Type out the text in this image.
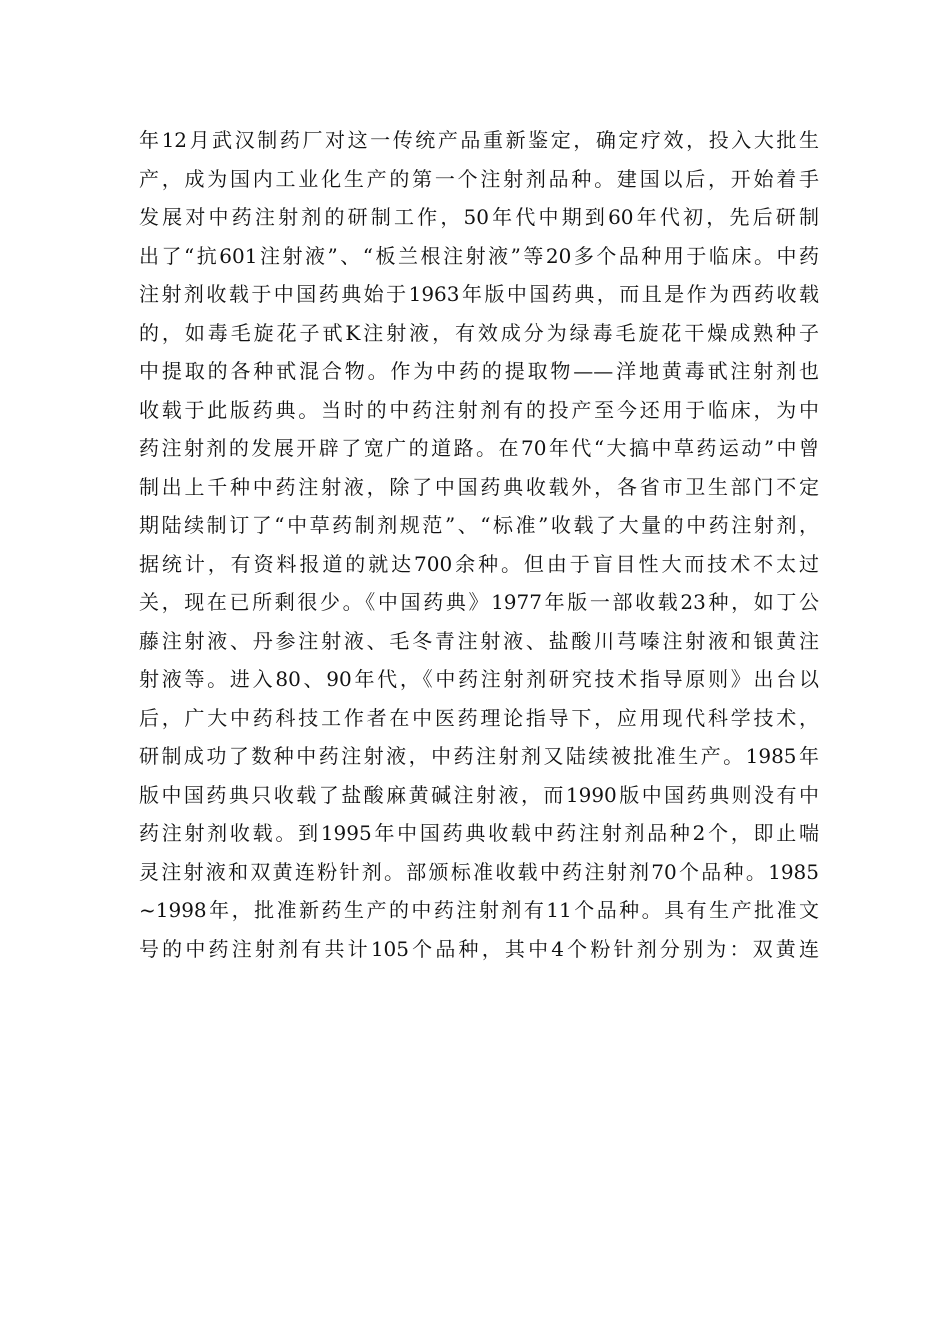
年12月武汉制药厂对这一传统产品重新鉴定，确定疗效，投入大批生
产，成为国内工业化生产的第一个注射剂品种。建国以后，开始着手
发展对中药注射剂的研制工作，50年代中期到60年代初，先后研制
出了“抗601注射液”、“板兰根注射液”等20多个品种用于临床。中药
注射剂收载于中国药典始于1963年版中国药典，而且是作为西药收载
的，如毒毛旋花子甙K注射液，有效成分为绿毒毛旋花干燥成熟种子
中提取的各种甙混合物。作为中药的提取物——洋地黄毒甙注射剂也
收载于此版药典。当时的中药注射剂有的投产至今还用于临床，为中
药注射剂的发展开辟了宽广的道路。在70年代“大搞中草药运动”中曾
制出上千种中药注射液，除了中国药典收载外，各省市卫生部门不定
期陆续制订了“中草药制剂规范”、“标准”收载了大量的中药注射剂，
据统计，有资料报道的就达700余种。但由于盲目性大而技术不太过
关，现在已所剩很少。《中国药典》1977年版一部收载23种，如丁公
藤注射液、丹参注射液、毛冬青注射液、盐酸川芎嗪注射液和银黄注
射液等。进入80、90年代，《中药注射剂研究技术指导原则》出台以
后，广大中药科技工作者在中医药理论指导下，应用现代科学技术，
研制成功了数种中药注射液，中药注射剂又陆续被批准生产。1985年
版中国药典只收载了盐酸麻黄碱注射液，而1990版中国药典则没有中
药注射剂收载。到1995年中国药典收载中药注射剂品种2个，即止喘
灵注射液和双黄连粉针剂。部颁标准收载中药注射剂70个品种。1985
~1998年，批准新药生产的中药注射剂有11个品种。具有生产批准文
号的中药注射剂有共计105个品种，其中4个粉针剂分别为：双黄连
